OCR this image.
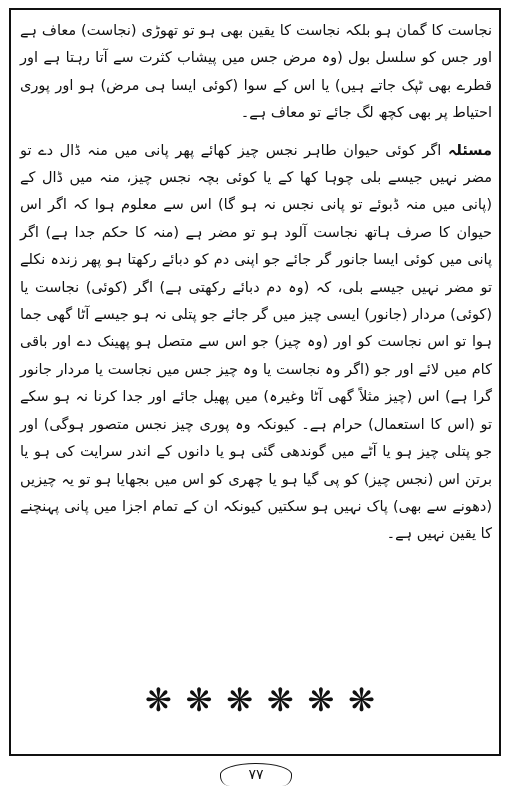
نجاست کا گمان ہو بلکہ نجاست کا یقین بھی ہو تو تھوڑی (نجاست) معاف ہے اور جس کو سلسل بول (وہ مرض جس میں پیشاب کثرت سے آتا رہتا ہے اور قطرے بھی ٹپک جاتے ہیں) یا اس کے سوا (کوئی ایسا ہی مرض) ہو اور پوری احتیاط پر بھی کچھ لگ جائے تو معاف ہے۔
مسئلہ اگر کوئی حیوان طاہر نجس چیز کھائے پھر پانی میں منہ ڈال دے تو مضر نہیں جیسے بلی چوہا کھا کے یا کوئی بچہ نجس چیز، منہ میں ڈال کے (پانی میں منہ ڈبوئے تو پانی نجس نہ ہو گا) اس سے معلوم ہوا کہ اگر اس حیوان کا صرف ہاتھ نجاست آلود ہو تو مضر ہے (منہ کا حکم جدا ہے) اگر پانی میں کوئی ایسا جانور گر جائے جو اپنی دم کو دبائے رکھتا ہو پھر زندہ نکلے تو مضر نہیں جیسے بلی، کہ (وہ دم دبائے رکھتی ہے) اگر (کوئی) نجاست یا (کوئی) مردار (جانور) ایسی چیز میں گر جائے جو پتلی نہ ہو جیسے آٹا گھی جما ہوا تو اس نجاست کو اور (وہ چیز) جو اس سے متصل ہو پھینک دے اور باقی کام میں لائے اور جو (اگر وہ نجاست یا وہ چیز جس میں نجاست یا مردار جانور گرا ہے) اس (چیز مثلاً گھی آٹا وغیرہ) میں پھیل جائے اور جدا کرنا نہ ہو سکے تو (اس کا استعمال) حرام ہے۔ کیونکہ وہ پوری چیز نجس متصور ہوگی) اور جو پتلی چیز ہو یا آٹے میں گوندھی گئی ہو یا دانوں کے اندر سرایت کی ہو یا برتن اس (نجس چیز) کو پی گیا ہو یا چھری کو اس میں بجھایا ہو تو یہ چیزیں (دھونے سے بھی) پاک نہیں ہو سکتیں کیونکہ ان کے تمام اجزا میں پانی پہنچنے کا یقین نہیں ہے۔
❋ ❋ ❋ ❋ ❋ ❋
۷۷
